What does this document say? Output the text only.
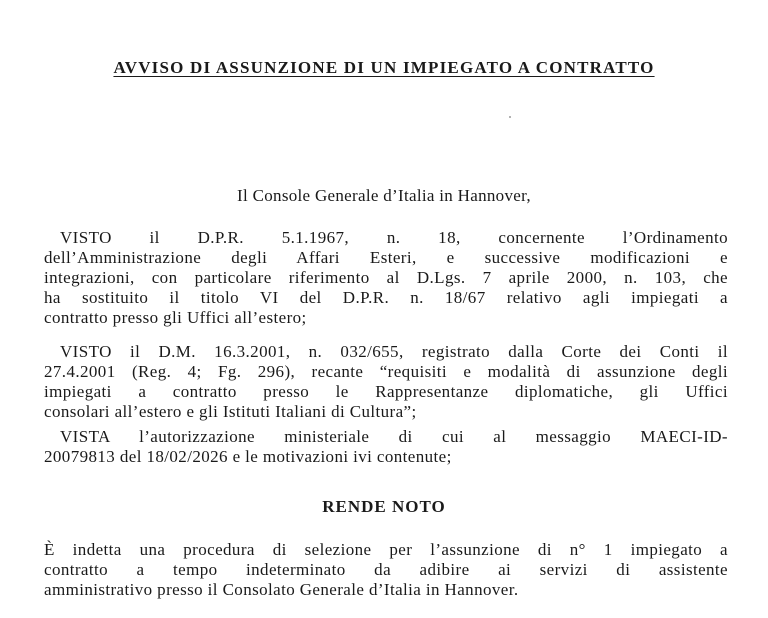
AVVISO DI ASSUNZIONE DI UN IMPIEGATO A CONTRATTO
Il Console Generale d’Italia in Hannover,
VISTO il D.P.R. 5.1.1967, n. 18, concernente l’Ordinamento
dell’Amministrazione degli Affari Esteri, e successive modificazioni e
integrazioni, con particolare riferimento al D.Lgs. 7 aprile 2000, n. 103, che
ha sostituito il titolo VI del D.P.R. n. 18/67 relativo agli impiegati a
contratto presso gli Uffici all’estero;
VISTO il D.M. 16.3.2001, n. 032/655, registrato dalla Corte dei Conti il
27.4.2001 (Reg. 4; Fg. 296), recante “requisiti e modalità di assunzione degli
impiegati a contratto presso le Rappresentanze diplomatiche, gli Uffici
consolari all’estero e gli Istituti Italiani di Cultura”;
VISTA l’autorizzazione ministeriale di cui al messaggio MAECI-ID-
20079813 del 18/02/2026 e le motivazioni ivi contenute;
RENDE NOTO
È indetta una procedura di selezione per l’assunzione di n° 1 impiegato a
contratto a tempo indeterminato da adibire ai servizi di assistente
amministrativo presso il Consolato Generale d’Italia in Hannover.
